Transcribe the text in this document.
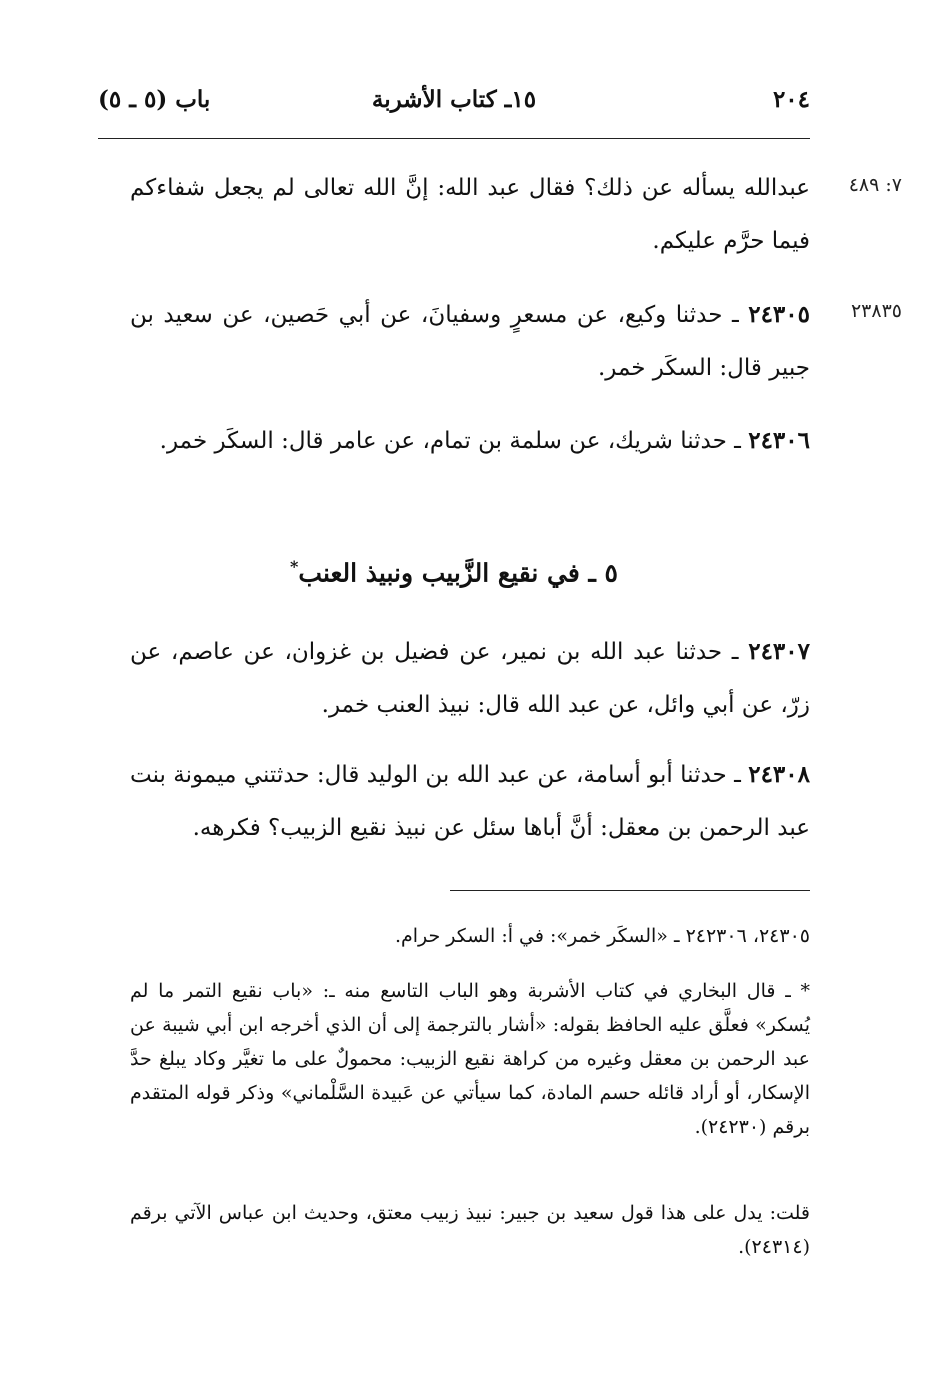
٢٠٤
١٥ـ كتاب الأشربة
باب (٥ ـ ٥)
٧: ٤٨٩
٢٣٨٣٥
عبدالله يسأله عن ذلك؟ فقال عبد الله: إنَّ الله تعالى لم يجعل شفاءكم فيما حرَّم عليكم.
٢٤٣٠٥ ـ حدثنا وكيع، عن مسعرٍ وسفيانَ، عن أبي حَصين، عن سعيد بن جبير قال: السكَر خمر.
٢٤٣٠٦ ـ حدثنا شريك، عن سلمة بن تمام، عن عامر قال: السكَر خمر.
٥ ـ في نقيع الزَّبيب ونبيذ العنب*
٢٤٣٠٧ ـ حدثنا عبد الله بن نمير، عن فضيل بن غزوان، عن عاصم، عن زرّ، عن أبي وائل، عن عبد الله قال: نبيذ العنب خمر.
٢٤٣٠٨ ـ حدثنا أبو أسامة، عن عبد الله بن الوليد قال: حدثتني ميمونة بنت عبد الرحمن بن معقل: أنَّ أباها سئل عن نبيذ نقيع الزبيب؟ فكرهه.
٢٤٣٠٥، ٢٤٢٣٠٦ ـ «السكَر خمر»: في أ: السكر حرام.
* ـ قال البخاري في كتاب الأشربة وهو الباب التاسع منه ـ: «باب نقيع التمر ما لم يُسكر» فعلَّق عليه الحافظ بقوله: «أشار بالترجمة إلى أن الذي أخرجه ابن أبي شيبة عن عبد الرحمن بن معقل وغيره من كراهة نقيع الزبيب: محمولٌ على ما تغيَّر وكاد يبلغ حدَّ الإسكار، أو أراد قائله حسم المادة، كما سيأتي عن عَبيدة السَّلْماني» وذكر قوله المتقدم برقم (٢٤٢٣٠).
قلت: يدل على هذا قول سعيد بن جبير: نبيذ زبيب معتق، وحديث ابن عباس الآتي برقم (٢٤٣١٤).
